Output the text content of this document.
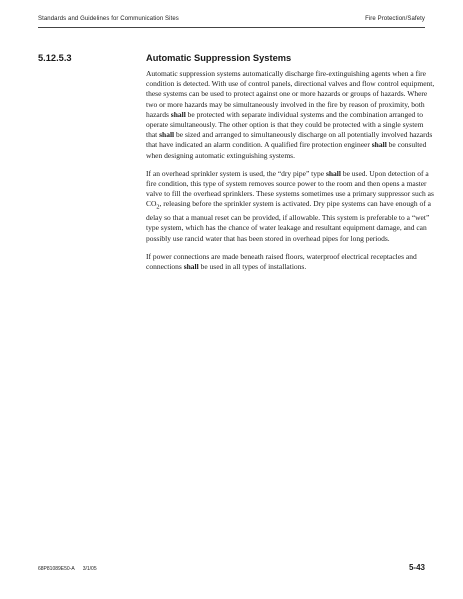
Standards and Guidelines for Communication Sites	Fire Protection/Safety
5.12.5.3	Automatic Suppression Systems

Automatic suppression systems automatically discharge fire-extinguishing agents when a fire condition is detected. With use of control panels, directional valves and flow control equipment, these systems can be used to protect against one or more hazards or groups of hazards. Where two or more hazards may be simultaneously involved in the fire by reason of proximity, both hazards shall be protected with separate individual systems and the combination arranged to operate simultaneously. The other option is that they could be protected with a single system that shall be sized and arranged to simultaneously discharge on all potentially involved hazards that have indicated an alarm condition. A qualified fire protection engineer shall be consulted when designing automatic extinguishing systems.

If an overhead sprinkler system is used, the “dry pipe” type shall be used. Upon detection of a fire condition, this type of system removes source power to the room and then opens a master valve to fill the overhead sprinklers. These systems sometimes use a primary suppressor such as $CO_2$, releasing before the sprinkler system is activated. Dry pipe systems can have enough of a delay so that a manual reset can be provided, if allowable. This system is preferable to a “wet” type system, which has the chance of water leakage and resultant equipment damage, and can possibly use rancid water that has been stored in overhead pipes for long periods.

If power connections are made beneath raised floors, waterproof electrical receptacles and connections shall be used in all types of installations.

68P81089E50-A 3/1/05	5-43
